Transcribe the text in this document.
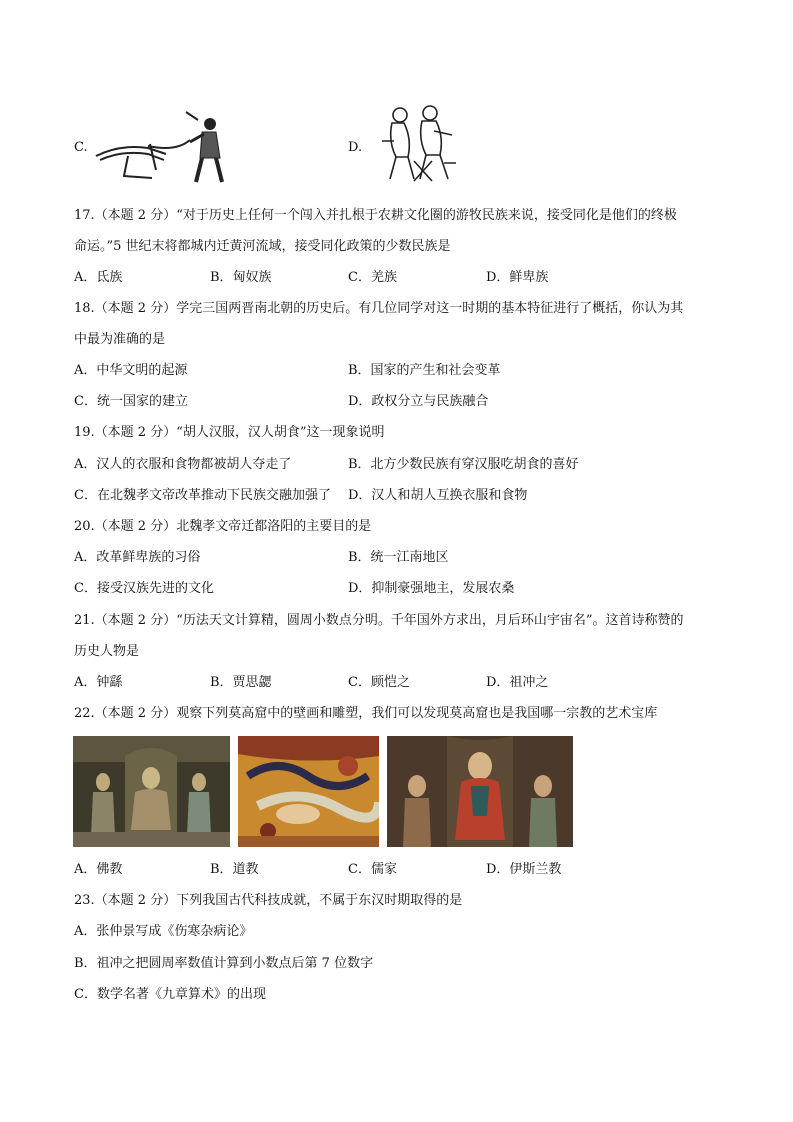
C.	D.
17.（本题 2 分）“对于历史上任何一个闯入并扎根于农耕文化圈的游牧民族来说，接受同化是他们的终极
命运。”5 世纪末将都城内迁黄河流域，接受同化政策的少数民族是
A．氐族	B．匈奴族	C．羌族	D．鲜卑族
18.（本题 2 分）学完三国两晋南北朝的历史后。有几位同学对这一时期的基本特征进行了概括，你认为其
中最为准确的是
A．中华文明的起源	B．国家的产生和社会变革
C．统一国家的建立	D．政权分立与民族融合
19.（本题 2 分）“胡人汉服，汉人胡食”这一现象说明
A．汉人的衣服和食物都被胡人夺走了	B．北方少数民族有穿汉服吃胡食的喜好
C．在北魏孝文帝改革推动下民族交融加强了 D．汉人和胡人互换衣服和食物
20.（本题 2 分）北魏孝文帝迁都洛阳的主要目的是
A．改革鲜卑族的习俗	B．统一江南地区
C．接受汉族先进的文化	D．抑制豪强地主，发展农桑
21.（本题 2 分）“历法天文计算精，圆周小数点分明。千年国外方求出，月后环山宇宙名”。这首诗称赞的
历史人物是
A．钟繇	B．贾思勰	C．顾恺之	D．祖冲之
22.（本题 2 分）观察下列莫高窟中的壁画和雕塑，我们可以发现莫高窟也是我国哪一宗教的艺术宝库
A．佛教	B．道教	C．儒家	D．伊斯兰教
23.（本题 2 分）下列我国古代科技成就，不属于东汉时期取得的是
A．张仲景写成《伤寒杂病论》
B．祖冲之把圆周率数值计算到小数点后第 7 位数字
C．数学名著《九章算术》的出现
